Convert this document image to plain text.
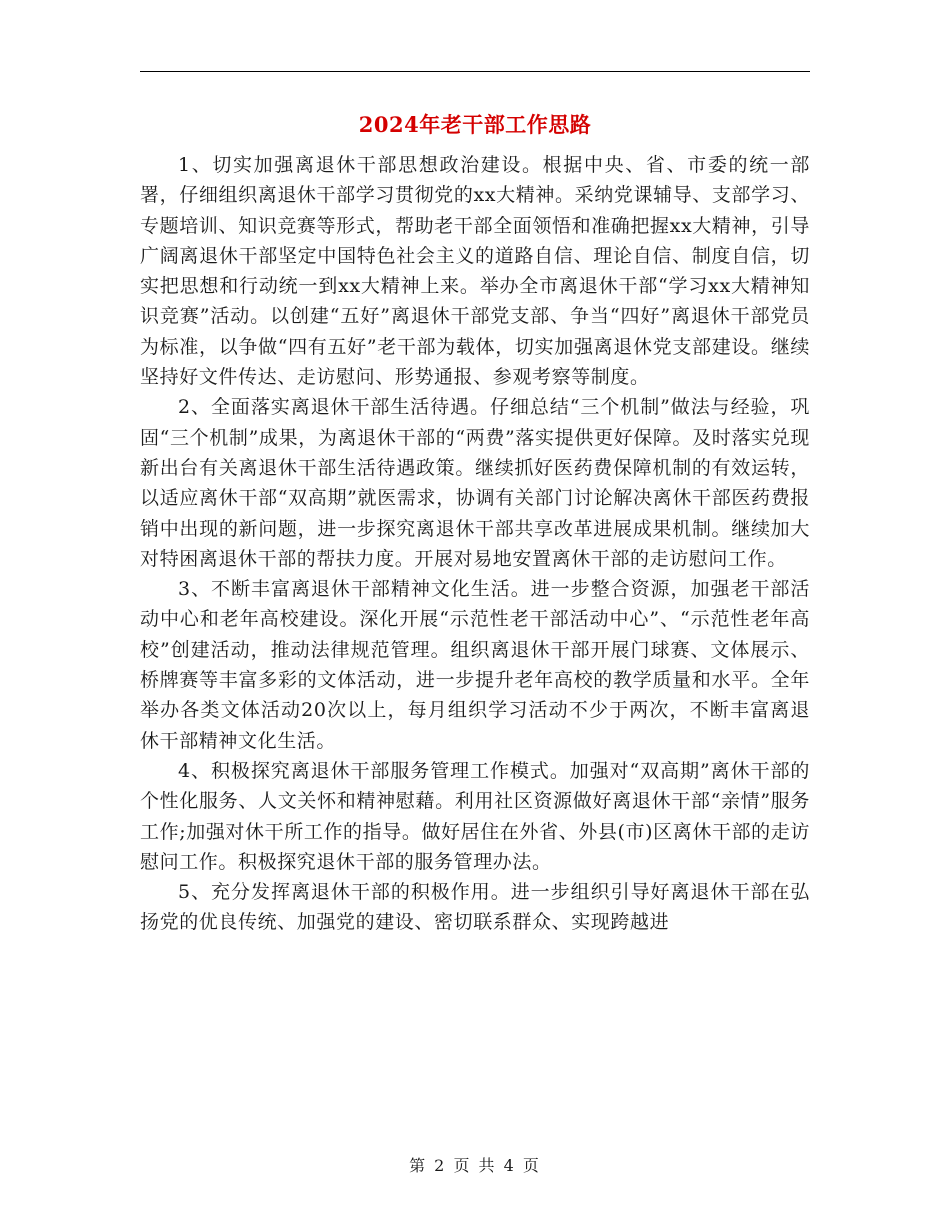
2024年老干部工作思路

1、切实加强离退休干部思想政治建设。根据中央、省、市委的统一部署，仔细组织离退休干部学习贯彻党的xx大精神。采纳党课辅导、支部学习、专题培训、知识竞赛等形式，帮助老干部全面领悟和准确把握xx大精神，引导广阔离退休干部坚定中国特色社会主义的道路自信、理论自信、制度自信，切实把思想和行动统一到xx大精神上来。举办全市离退休干部“学习xx大精神知识竞赛”活动。以创建“五好”离退休干部党支部、争当“四好”离退休干部党员为标准，以争做“四有五好”老干部为载体，切实加强离退休党支部建设。继续坚持好文件传达、走访慰问、形势通报、参观考察等制度。

2、全面落实离退休干部生活待遇。仔细总结“三个机制”做法与经验，巩固“三个机制”成果，为离退休干部的“两费”落实提供更好保障。及时落实兑现新出台有关离退休干部生活待遇政策。继续抓好医药费保障机制的有效运转，以适应离休干部“双高期”就医需求，协调有关部门讨论解决离休干部医药费报销中出现的新问题，进一步探究离退休干部共享改革进展成果机制。继续加大对特困离退休干部的帮扶力度。开展对易地安置离休干部的走访慰问工作。

3、不断丰富离退休干部精神文化生活。进一步整合资源，加强老干部活动中心和老年高校建设。深化开展“示范性老干部活动中心”、“示范性老年高校”创建活动，推动法律规范管理。组织离退休干部开展门球赛、文体展示、桥牌赛等丰富多彩的文体活动，进一步提升老年高校的教学质量和水平。全年举办各类文体活动20次以上，每月组织学习活动不少于两次，不断丰富离退休干部精神文化生活。

4、积极探究离退休干部服务管理工作模式。加强对“双高期”离休干部的个性化服务、人文关怀和精神慰藉。利用社区资源做好离退休干部“亲情”服务工作;加强对休干所工作的指导。做好居住在外省、外县(市)区离休干部的走访慰问工作。积极探究退休干部的服务管理办法。

5、充分发挥离退休干部的积极作用。进一步组织引导好离退休干部在弘扬党的优良传统、加强党的建设、密切联系群众、实现跨越进

第 2 页 共 4 页
